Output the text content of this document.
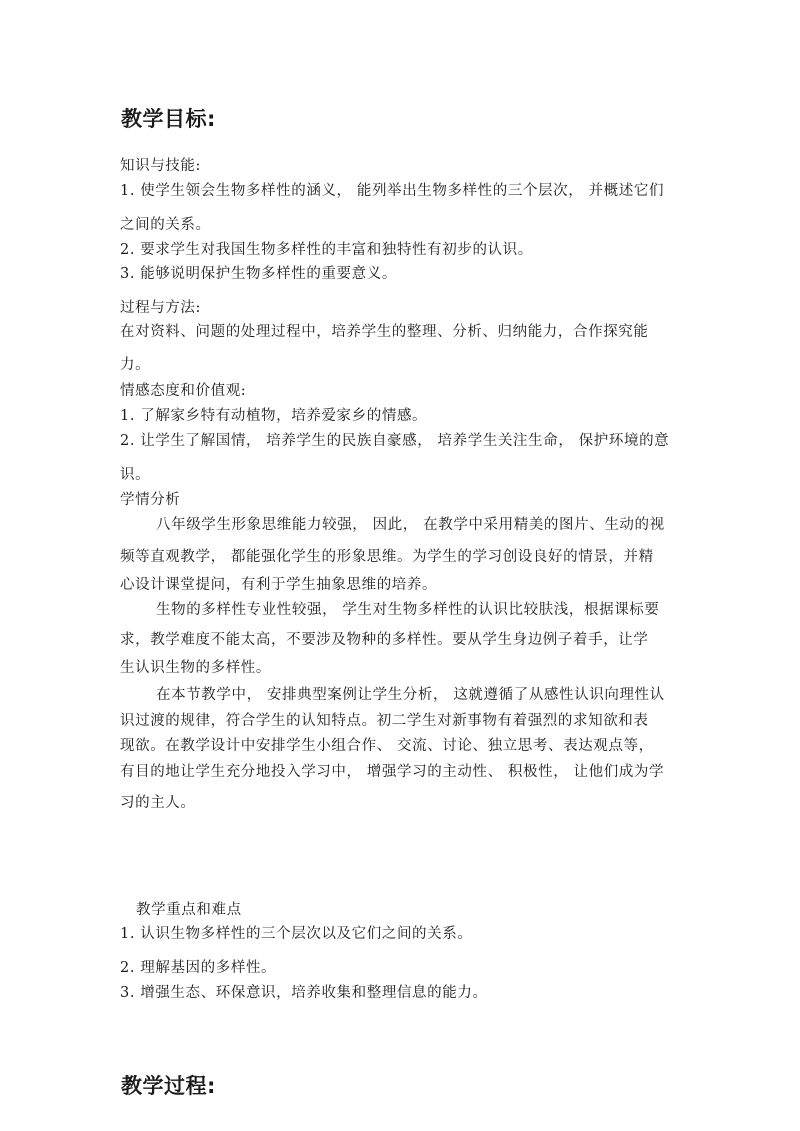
教学目标:
知识与技能:
1. 使学生领会生物多样性的涵义， 能列举出生物多样性的三个层次， 并概述它们
之间的关系。
2. 要求学生对我国生物多样性的丰富和独特性有初步的认识。
3. 能够说明保护生物多样性的重要意义。
过程与方法:
在对资料、问题的处理过程中，培养学生的整理、分析、归纳能力，合作探究能
力。
情感态度和价值观:
1. 了解家乡特有动植物，培养爱家乡的情感。
2. 让学生了解国情， 培养学生的民族自豪感， 培养学生关注生命， 保护环境的意
识。
学情分析
八年级学生形象思维能力较强， 因此， 在教学中采用精美的图片、生动的视
频等直观教学， 都能强化学生的形象思维。为学生的学习创设良好的情景，并精
心设计课堂提问，有利于学生抽象思维的培养。
生物的多样性专业性较强， 学生对生物多样性的认识比较肤浅，根据课标要
求，教学难度不能太高，不要涉及物种的多样性。要从学生身边例子着手，让学
生认识生物的多样性。
在本节教学中， 安排典型案例让学生分析， 这就遵循了从感性认识向理性认
识过渡的规律，符合学生的认知特点。初二学生对新事物有着强烈的求知欲和表
现欲。在教学设计中安排学生小组合作、 交流、讨论、独立思考、表达观点等，
有目的地让学生充分地投入学习中， 增强学习的主动性、 积极性， 让他们成为学
习的主人。
教学重点和难点
1. 认识生物多样性的三个层次以及它们之间的关系。
2. 理解基因的多样性。
3. 增强生态、环保意识，培养收集和整理信息的能力。
教学过程:
